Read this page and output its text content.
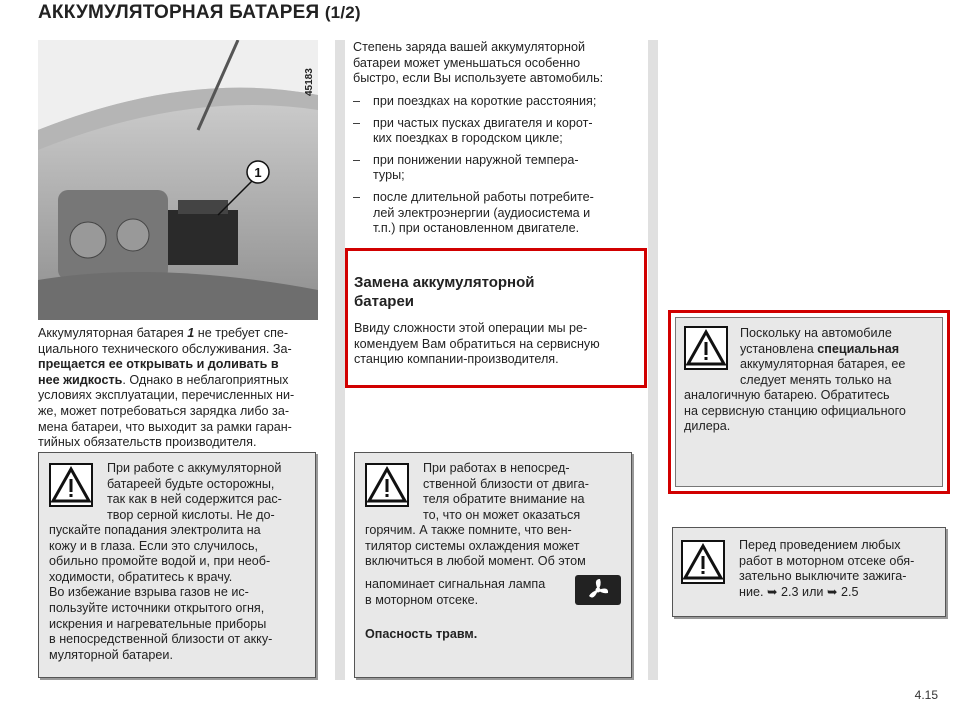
АККУМУЛЯТОРНАЯ БАТАРЕЯ (1/2)
1
45183
Аккумуляторная батарея 1 не требует спе-
циального технического обслуживания. За-
прещается ее открывать и доливать в
нее жидкость. Однако в неблагоприятных
условиях эксплуатации, перечисленных ни-
же, может потребоваться зарядка либо за-
мена батареи, что выходит за рамки гаран-
тийных обязательств производителя.
При работе с аккумуляторной
батареей будьте осторожны,
так как в ней содержится рас-
твор серной кислоты. Не до-
пускайте попадания электролита на
кожу и в глаза. Если это случилось,
обильно промойте водой и, при необ-
ходимости, обратитесь к врачу.
Во избежание взрыва газов не ис-
пользуйте источники открытого огня,
искрения и нагревательные приборы
в непосредственной близости от акку-
муляторной батареи.
Степень заряда вашей аккумуляторной
батареи может уменьшаться особенно
быстро, если Вы используете автомобиль:
– при поездках на короткие расстояния;
– при частых пусках двигателя и корот-
ких поездках в городском цикле;
– при понижении наружной темпера-
туры;
– после длительной работы потребите-
лей электроэнергии (аудиосистема и
т.п.) при остановленном двигателе.
Замена аккумуляторной
батареи
Ввиду сложности этой операции мы ре-
комендуем Вам обратиться на сервисную
станцию компании-производителя.
При работах в непосред-
ственной близости от двига-
теля обратите внимание на
то, что он может оказаться
горячим. А также помните, что вен-
тилятор системы охлаждения может
включиться в любой момент. Об этом
напоминает сигнальная лампа
в моторном отсеке.
Опасность травм.
Поскольку на автомобиле
установлена специальная
аккумуляторная батарея, ее
следует менять только на
аналогичную батарею. Обратитесь
на сервисную станцию официального
дилера.
Перед проведением любых
работ в моторном отсеке обя-
зательно выключите зажига-
ние. ➥ 2.3 или ➥ 2.5
4.15
